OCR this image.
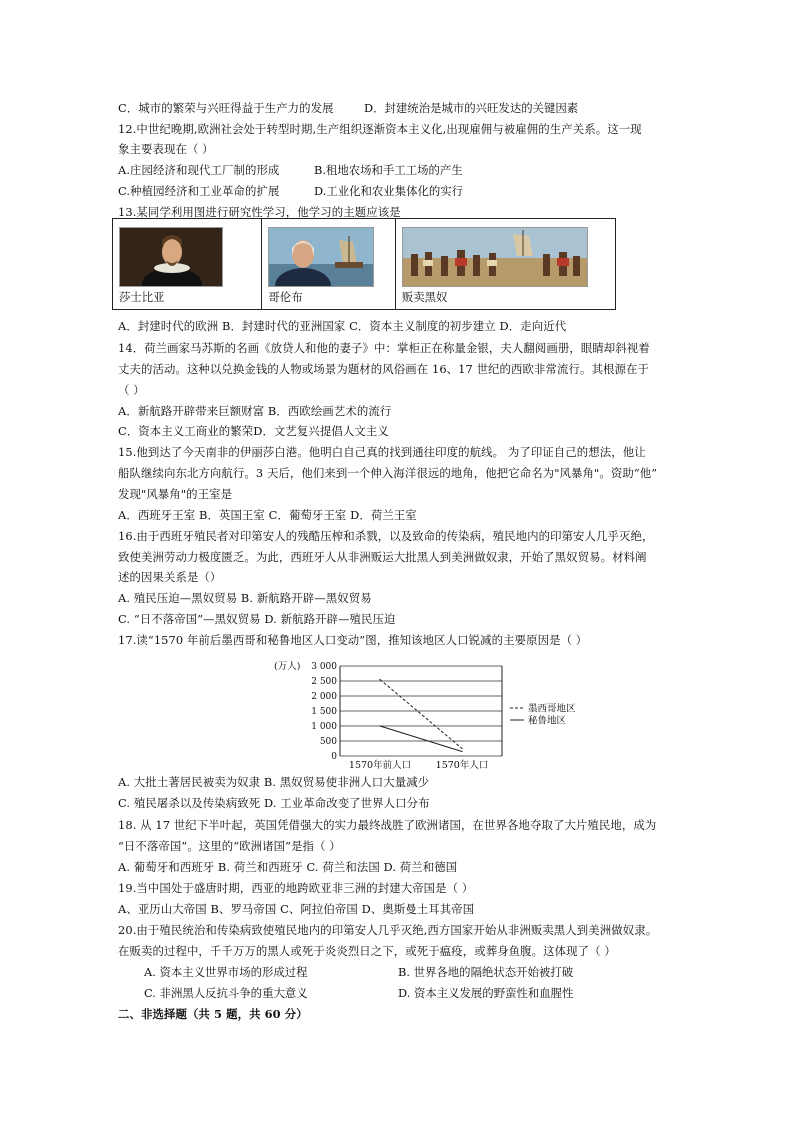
C．城市的繁荣与兴旺得益于生产力的发展	D．封建统治是城市的兴旺发达的关键因素
12.中世纪晚期,欧洲社会处于转型时期,生产组织逐渐资本主义化,出现雇佣与被雇佣的生产关系。这一现
象主要表现在（ ）
A.庄园经济和现代工厂制的形成	B.租地农场和手工工场的产生
C.种植园经济和工业革命的扩展	D.工业化和农业集体化的实行
13.某同学利用图进行研究性学习，他学习的主题应该是
莎士比亚	哥伦布	贩卖黑奴
A．封建时代的欧洲 B．封建时代的亚洲国家 C．资本主义制度的初步建立 D．走向近代
14．荷兰画家马苏斯的名画《放贷人和他的妻子》中：掌柜正在称量金银，夫人翻阅画册，眼睛却斜视着
丈夫的活动。这种以兑换金钱的人物或场景为题材的风俗画在 16、17 世纪的西欧非常流行。其根源在于
（ ）
A．新航路开辟带来巨额财富 B．西欧绘画艺术的流行
C．资本主义工商业的繁荣D．文艺复兴提倡人文主义
15.他到达了今天南非的伊丽莎白港。他明白自己真的找到通往印度的航线。 为了印证自己的想法，他让
船队继续向东北方向航行。3 天后，他们来到一个伸入海洋很远的地角，他把它命名为"风暴角"。资助“他”
发现"风暴角"的王室是
A．西班牙王室 B．英国王室 C．葡萄牙王室 D．荷兰王室
16.由于西班牙殖民者对印第安人的残酷压榨和杀戮，以及致命的传染病，殖民地内的印第安人几乎灭绝，
致使美洲劳动力极度匮乏。为此，西班牙人从非洲贩运大批黑人到美洲做奴隶，开始了黑奴贸易。材料阐
述的因果关系是（）
A. 殖民压迫—黑奴贸易 B. 新航路开辟—黑奴贸易
C. “日不落帝国”—黑奴贸易 D. 新航路开辟—殖民压迫
17.读“1570 年前后墨西哥和秘鲁地区人口变动”图，推知该地区人口锐减的主要原因是（ ）
(万人)
0
500
1 000
1 500
2 000
2 500
3 000
1570年前人口	1570年人口
墨西哥地区
秘鲁地区
A. 大批土著居民被卖为奴隶 B. 黑奴贸易使非洲人口大量减少
C. 殖民屠杀以及传染病致死 D. 工业革命改变了世界人口分布
18. 从 17 世纪下半叶起，英国凭借强大的实力最终战胜了欧洲诸国，在世界各地夺取了大片殖民地，成为
“日不落帝国”。这里的“欧洲诸国”是指（ ）
A. 葡萄牙和西班牙 B. 荷兰和西班牙 C. 荷兰和法国 D. 荷兰和德国
19.当中国处于盛唐时期，西亚的地跨欧亚非三洲的封建大帝国是（ ）
A、亚历山大帝国 B、罗马帝国 C、阿拉伯帝国 D、奥斯曼土耳其帝国
20.由于殖民统治和传染病致使殖民地内的印第安人几乎灭绝,西方国家开始从非洲贩卖黑人到美洲做奴隶。
在贩卖的过程中，千千万万的黑人或死于炎炎烈日之下，或死于瘟疫，或葬身鱼腹。这体现了（ ）
A. 资本主义世界市场的形成过程	B. 世界各地的隔绝状态开始被打破
C. 非洲黑人反抗斗争的重大意义	D. 资本主义发展的野蛮性和血腥性
二、非选择题（共 5 题，共 60 分）
